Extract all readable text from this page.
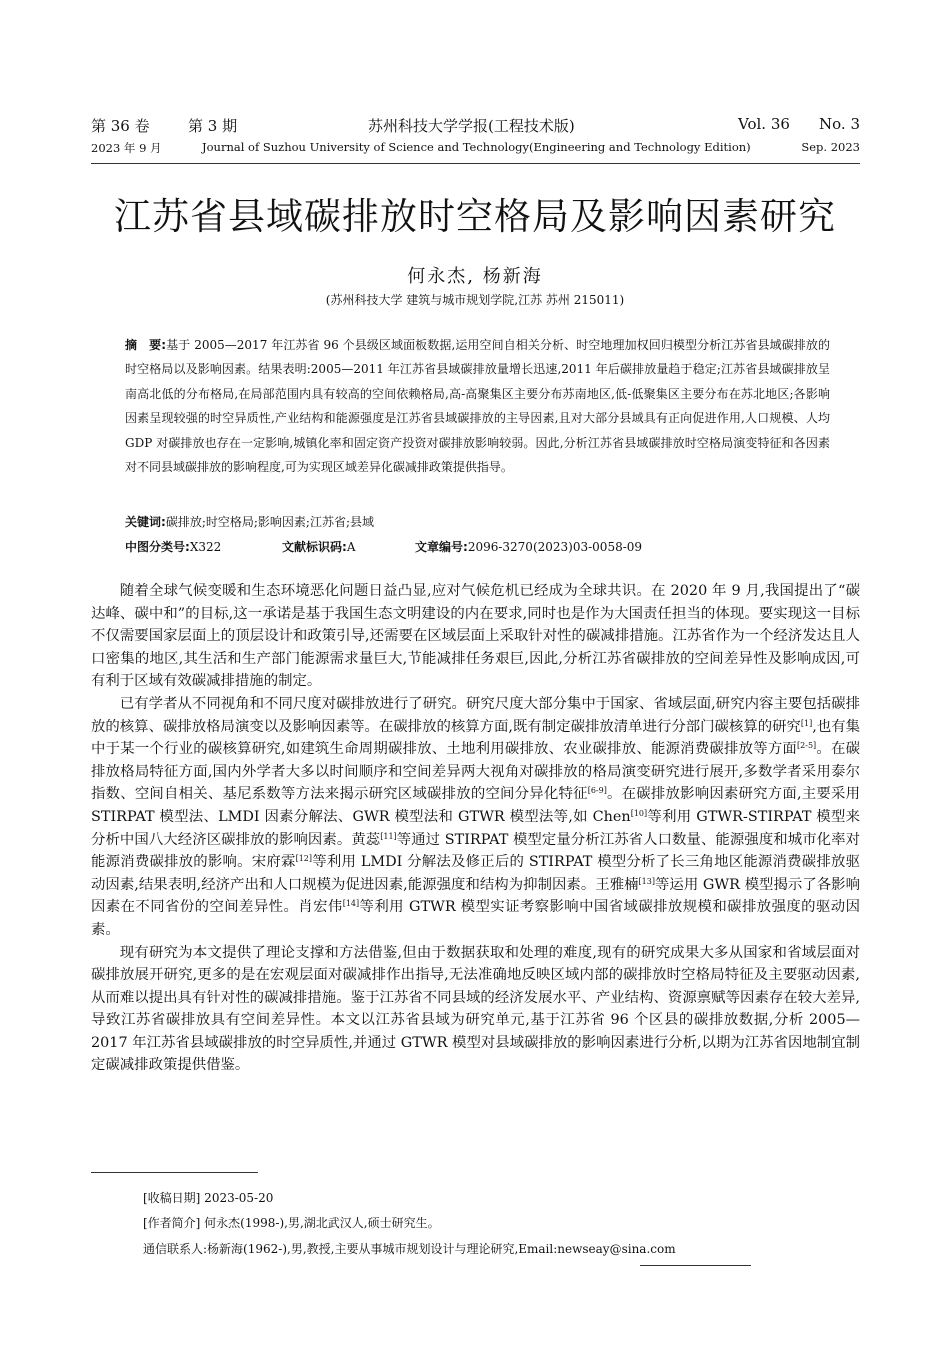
第 36 卷	第 3 期	苏州科技大学学报(工程技术版)	Vol. 36 No. 3
2023 年 9 月	Journal of Suzhou University of Science and Technology(Engineering and Technology Edition)	Sep. 2023
江苏省县域碳排放时空格局及影响因素研究
何永杰, 杨新海
(苏州科技大学 建筑与城市规划学院,江苏 苏州 215011)
摘　要:基于 2005—2017 年江苏省 96 个县级区域面板数据,运用空间自相关分析、时空地理加权回归模型分析江苏省县域碳排放的时空格局以及影响因素。结果表明:2005—2011 年江苏省县域碳排放量增长迅速,2011 年后碳排放量趋于稳定;江苏省县域碳排放呈南高北低的分布格局,在局部范围内具有较高的空间依赖格局,高-高聚集区主要分布苏南地区,低-低聚集区主要分布在苏北地区;各影响因素呈现较强的时空异质性,产业结构和能源强度是江苏省县域碳排放的主导因素,且对大部分县域具有正向促进作用,人口规模、人均 GDP 对碳排放也存在一定影响,城镇化率和固定资产投资对碳排放影响较弱。因此,分析江苏省县域碳排放时空格局演变特征和各因素对不同县域碳排放的影响程度,可为实现区域差异化碳减排政策提供指导。
关键词:碳排放;时空格局;影响因素;江苏省;县域
中图分类号:X322	文献标识码:A	文章编号:2096-3270(2023)03-0058-09

随着全球气候变暖和生态环境恶化问题日益凸显,应对气候危机已经成为全球共识。在 2020 年 9 月,我国提出了“碳达峰、碳中和”的目标,这一承诺是基于我国生态文明建设的内在要求,同时也是作为大国责任担当的体现。要实现这一目标不仅需要国家层面上的顶层设计和政策引导,还需要在区域层面上采取针对性的碳减排措施。江苏省作为一个经济发达且人口密集的地区,其生活和生产部门能源需求量巨大,节能减排任务艰巨,因此,分析江苏省碳排放的空间差异性及影响成因,可有利于区域有效碳减排措施的制定。

已有学者从不同视角和不同尺度对碳排放进行了研究。研究尺度大部分集中于国家、省域层面,研究内容主要包括碳排放的核算、碳排放格局演变以及影响因素等。在碳排放的核算方面,既有制定碳排放清单进行分部门碳核算的研究[1],也有集中于某一个行业的碳核算研究,如建筑生命周期碳排放、土地利用碳排放、农业碳排放、能源消费碳排放等方面[2-5]。在碳排放格局特征方面,国内外学者大多以时间顺序和空间差异两大视角对碳排放的格局演变研究进行展开,多数学者采用泰尔指数、空间自相关、基尼系数等方法来揭示研究区域碳排放的空间分异化特征[6-9]。在碳排放影响因素研究方面,主要采用 STIRPAT 模型法、LMDI 因素分解法、GWR 模型法和 GTWR 模型法等,如 Chen[10]等利用 GTWR-STIRPAT 模型来分析中国八大经济区碳排放的影响因素。黄蕊[11]等通过 STIRPAT 模型定量分析江苏省人口数量、能源强度和城市化率对能源消费碳排放的影响。宋府霖[12]等利用 LMDI 分解法及修正后的 STIRPAT 模型分析了长三角地区能源消费碳排放驱动因素,结果表明,经济产出和人口规模为促进因素,能源强度和结构为抑制因素。王雅楠[13]等运用 GWR 模型揭示了各影响因素在不同省份的空间差异性。肖宏伟[14]等利用 GTWR 模型实证考察影响中国省域碳排放规模和碳排放强度的驱动因素。

现有研究为本文提供了理论支撑和方法借鉴,但由于数据获取和处理的难度,现有的研究成果大多从国家和省域层面对碳排放展开研究,更多的是在宏观层面对碳减排作出指导,无法准确地反映区域内部的碳排放时空格局特征及主要驱动因素,从而难以提出具有针对性的碳减排措施。鉴于江苏省不同县域的经济发展水平、产业结构、资源禀赋等因素存在较大差异,导致江苏省碳排放具有空间差异性。本文以江苏省县域为研究单元,基于江苏省 96 个区县的碳排放数据,分析 2005—2017 年江苏省县域碳排放的时空异质性,并通过 GTWR 模型对县域碳排放的影响因素进行分析,以期为江苏省因地制宜制定碳减排政策提供借鉴。

[收稿日期] 2023-05-20
[作者简介] 何永杰(1998-),男,湖北武汉人,硕士研究生。
通信联系人:杨新海(1962-),男,教授,主要从事城市规划设计与理论研究,Email:newseay@sina.com
